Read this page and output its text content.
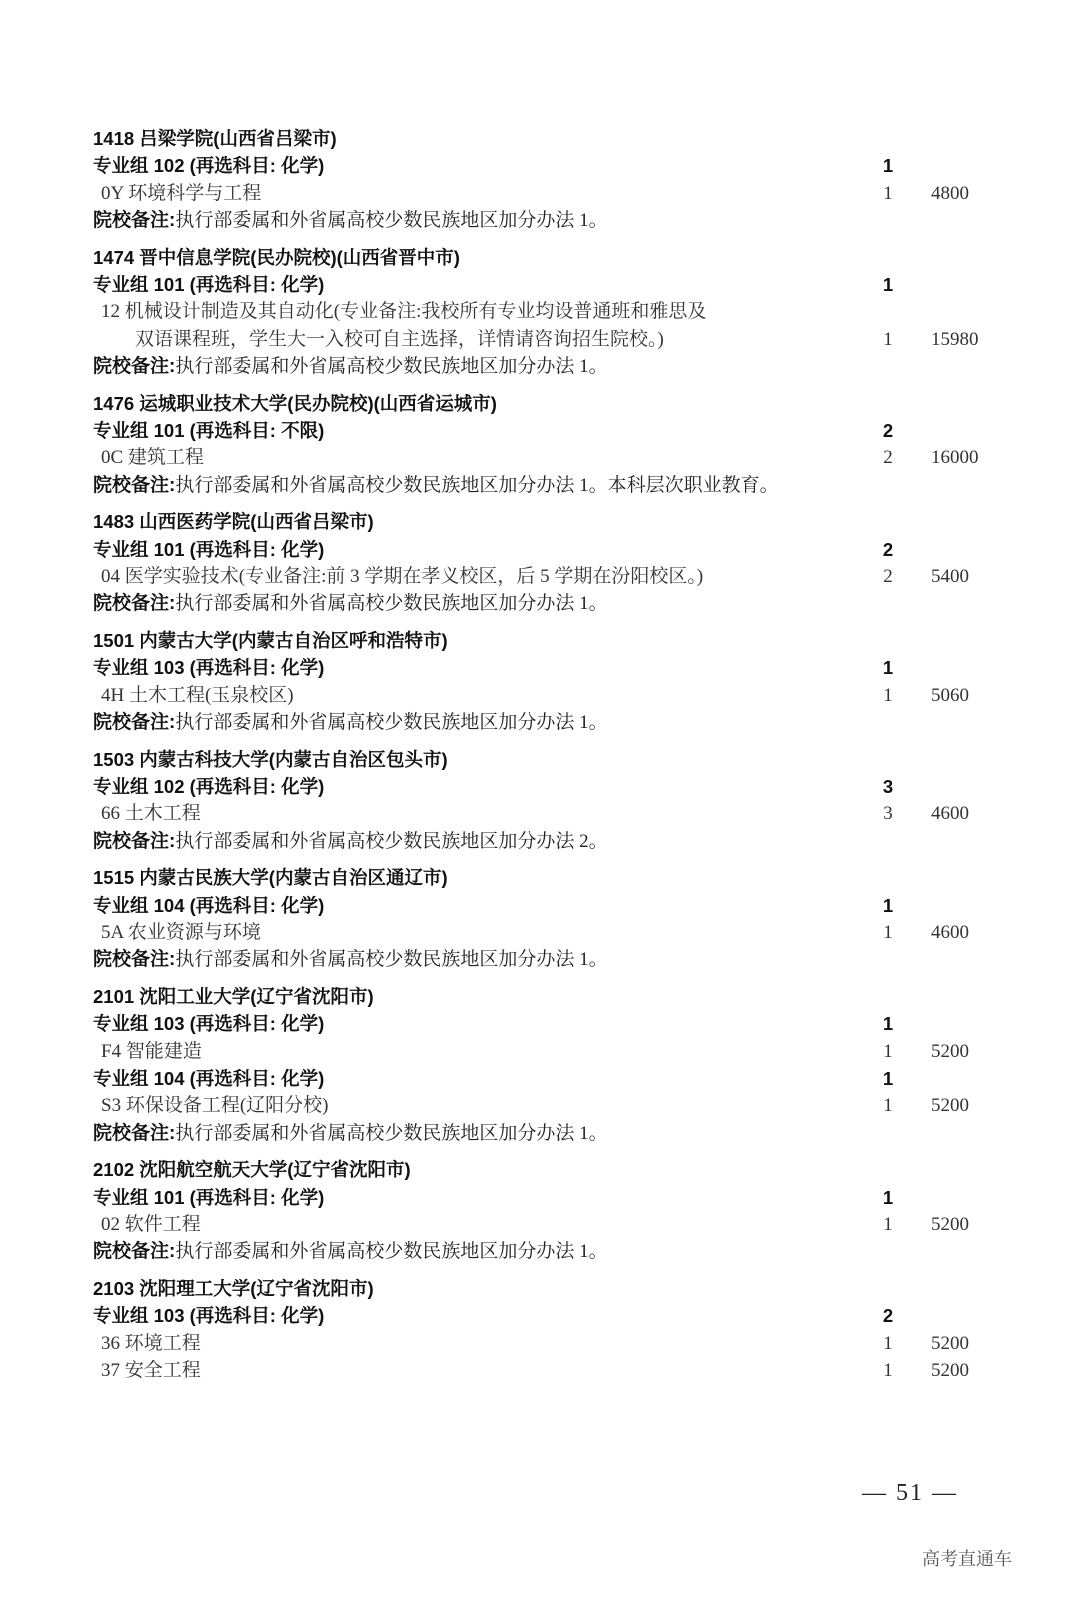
1418 吕梁学院(山西省吕梁市)
专业组 102 (再选科目: 化学)	1
0Y 环境科学与工程	1 4800
院校备注:执行部委属和外省属高校少数民族地区加分办法 1。
1474 晋中信息学院(民办院校)(山西省晋中市)
专业组 101 (再选科目: 化学)	1
12 机械设计制造及其自动化(专业备注:我校所有专业均设普通班和雅思及
双语课程班，学生大一入校可自主选择，详情请咨询招生院校。)	1 15980
院校备注:执行部委属和外省属高校少数民族地区加分办法 1。
1476 运城职业技术大学(民办院校)(山西省运城市)
专业组 101 (再选科目: 不限)	2
0C 建筑工程	2 16000
院校备注:执行部委属和外省属高校少数民族地区加分办法 1。本科层次职业教育。
1483 山西医药学院(山西省吕梁市)
专业组 101 (再选科目: 化学)	2
04 医学实验技术(专业备注:前 3 学期在孝义校区，后 5 学期在汾阳校区。)	2 5400
院校备注:执行部委属和外省属高校少数民族地区加分办法 1。
1501 内蒙古大学(内蒙古自治区呼和浩特市)
专业组 103 (再选科目: 化学)	1
4H 土木工程(玉泉校区)	1 5060
院校备注:执行部委属和外省属高校少数民族地区加分办法 1。
1503 内蒙古科技大学(内蒙古自治区包头市)
专业组 102 (再选科目: 化学)	3
66 土木工程	3 4600
院校备注:执行部委属和外省属高校少数民族地区加分办法 2。
1515 内蒙古民族大学(内蒙古自治区通辽市)
专业组 104 (再选科目: 化学)	1
5A 农业资源与环境	1 4600
院校备注:执行部委属和外省属高校少数民族地区加分办法 1。
2101 沈阳工业大学(辽宁省沈阳市)
专业组 103 (再选科目: 化学)	1
F4 智能建造	1 5200
专业组 104 (再选科目: 化学)	1
S3 环保设备工程(辽阳分校)	1 5200
院校备注:执行部委属和外省属高校少数民族地区加分办法 1。
2102 沈阳航空航天大学(辽宁省沈阳市)
专业组 101 (再选科目: 化学)	1
02 软件工程	1 5200
院校备注:执行部委属和外省属高校少数民族地区加分办法 1。
2103 沈阳理工大学(辽宁省沈阳市)
专业组 103 (再选科目: 化学)	2
36 环境工程	1 5200
37 安全工程	1 5200
— 51 —
高考直通车
